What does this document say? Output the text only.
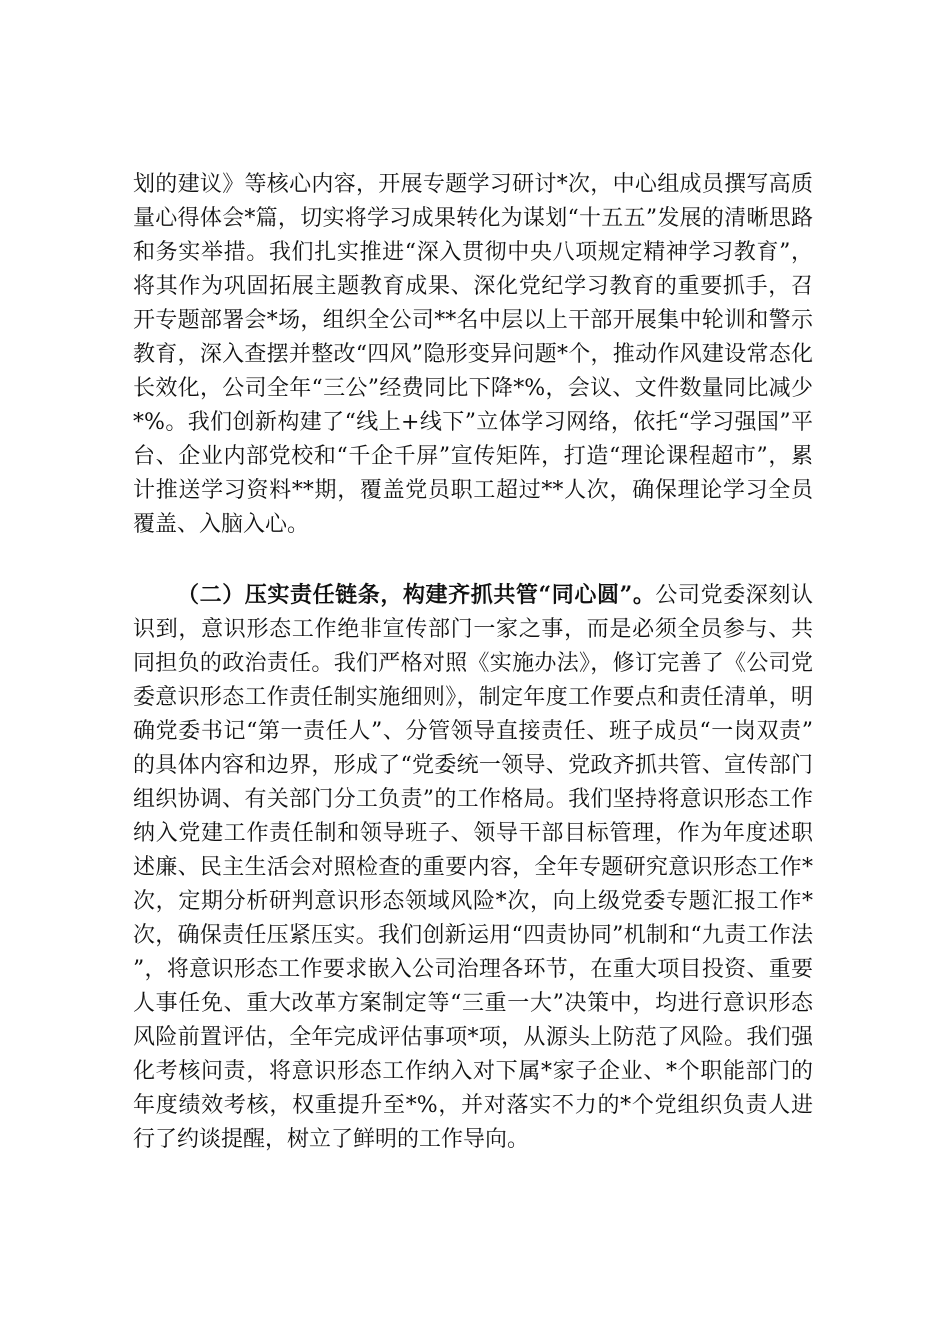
划的建议》等核心内容，开展专题学习研讨*次，中心组成员撰写高质量心得体会*篇，切实将学习成果转化为谋划“十五五”发展的清晰思路和务实举措。我们扎实推进“深入贯彻中央八项规定精神学习教育”，将其作为巩固拓展主题教育成果、深化党纪学习教育的重要抓手，召开专题部署会*场，组织全公司**名中层以上干部开展集中轮训和警示教育，深入查摆并整改“四风”隐形变异问题*个，推动作风建设常态化长效化，公司全年“三公”经费同比下降*%，会议、文件数量同比减少*%。我们创新构建了“线上+线下”立体学习网络，依托“学习强国”平台、企业内部党校和“千企千屏”宣传矩阵，打造“理论课程超市”，累计推送学习资料**期，覆盖党员职工超过**人次，确保理论学习全员覆盖、入脑入心。

（二）压实责任链条，构建齐抓共管“同心圆”。公司党委深刻认识到，意识形态工作绝非宣传部门一家之事，而是必须全员参与、共同担负的政治责任。我们严格对照《实施办法》，修订完善了《公司党委意识形态工作责任制实施细则》，制定年度工作要点和责任清单，明确党委书记“第一责任人”、分管领导直接责任、班子成员“一岗双责”的具体内容和边界，形成了“党委统一领导、党政齐抓共管、宣传部门组织协调、有关部门分工负责”的工作格局。我们坚持将意识形态工作纳入党建工作责任制和领导班子、领导干部目标管理，作为年度述职述廉、民主生活会对照检查的重要内容，全年专题研究意识形态工作*次，定期分析研判意识形态领域风险*次，向上级党委专题汇报工作*次，确保责任压紧压实。我们创新运用“四责协同”机制和“九责工作法”，将意识形态工作要求嵌入公司治理各环节，在重大项目投资、重要人事任免、重大改革方案制定等“三重一大”决策中，均进行意识形态风险前置评估，全年完成评估事项*项，从源头上防范了风险。我们强化考核问责，将意识形态工作纳入对下属*家子企业、*个职能部门的年度绩效考核，权重提升至*%，并对落实不力的*个党组织负责人进行了约谈提醒，树立了鲜明的工作导向。
